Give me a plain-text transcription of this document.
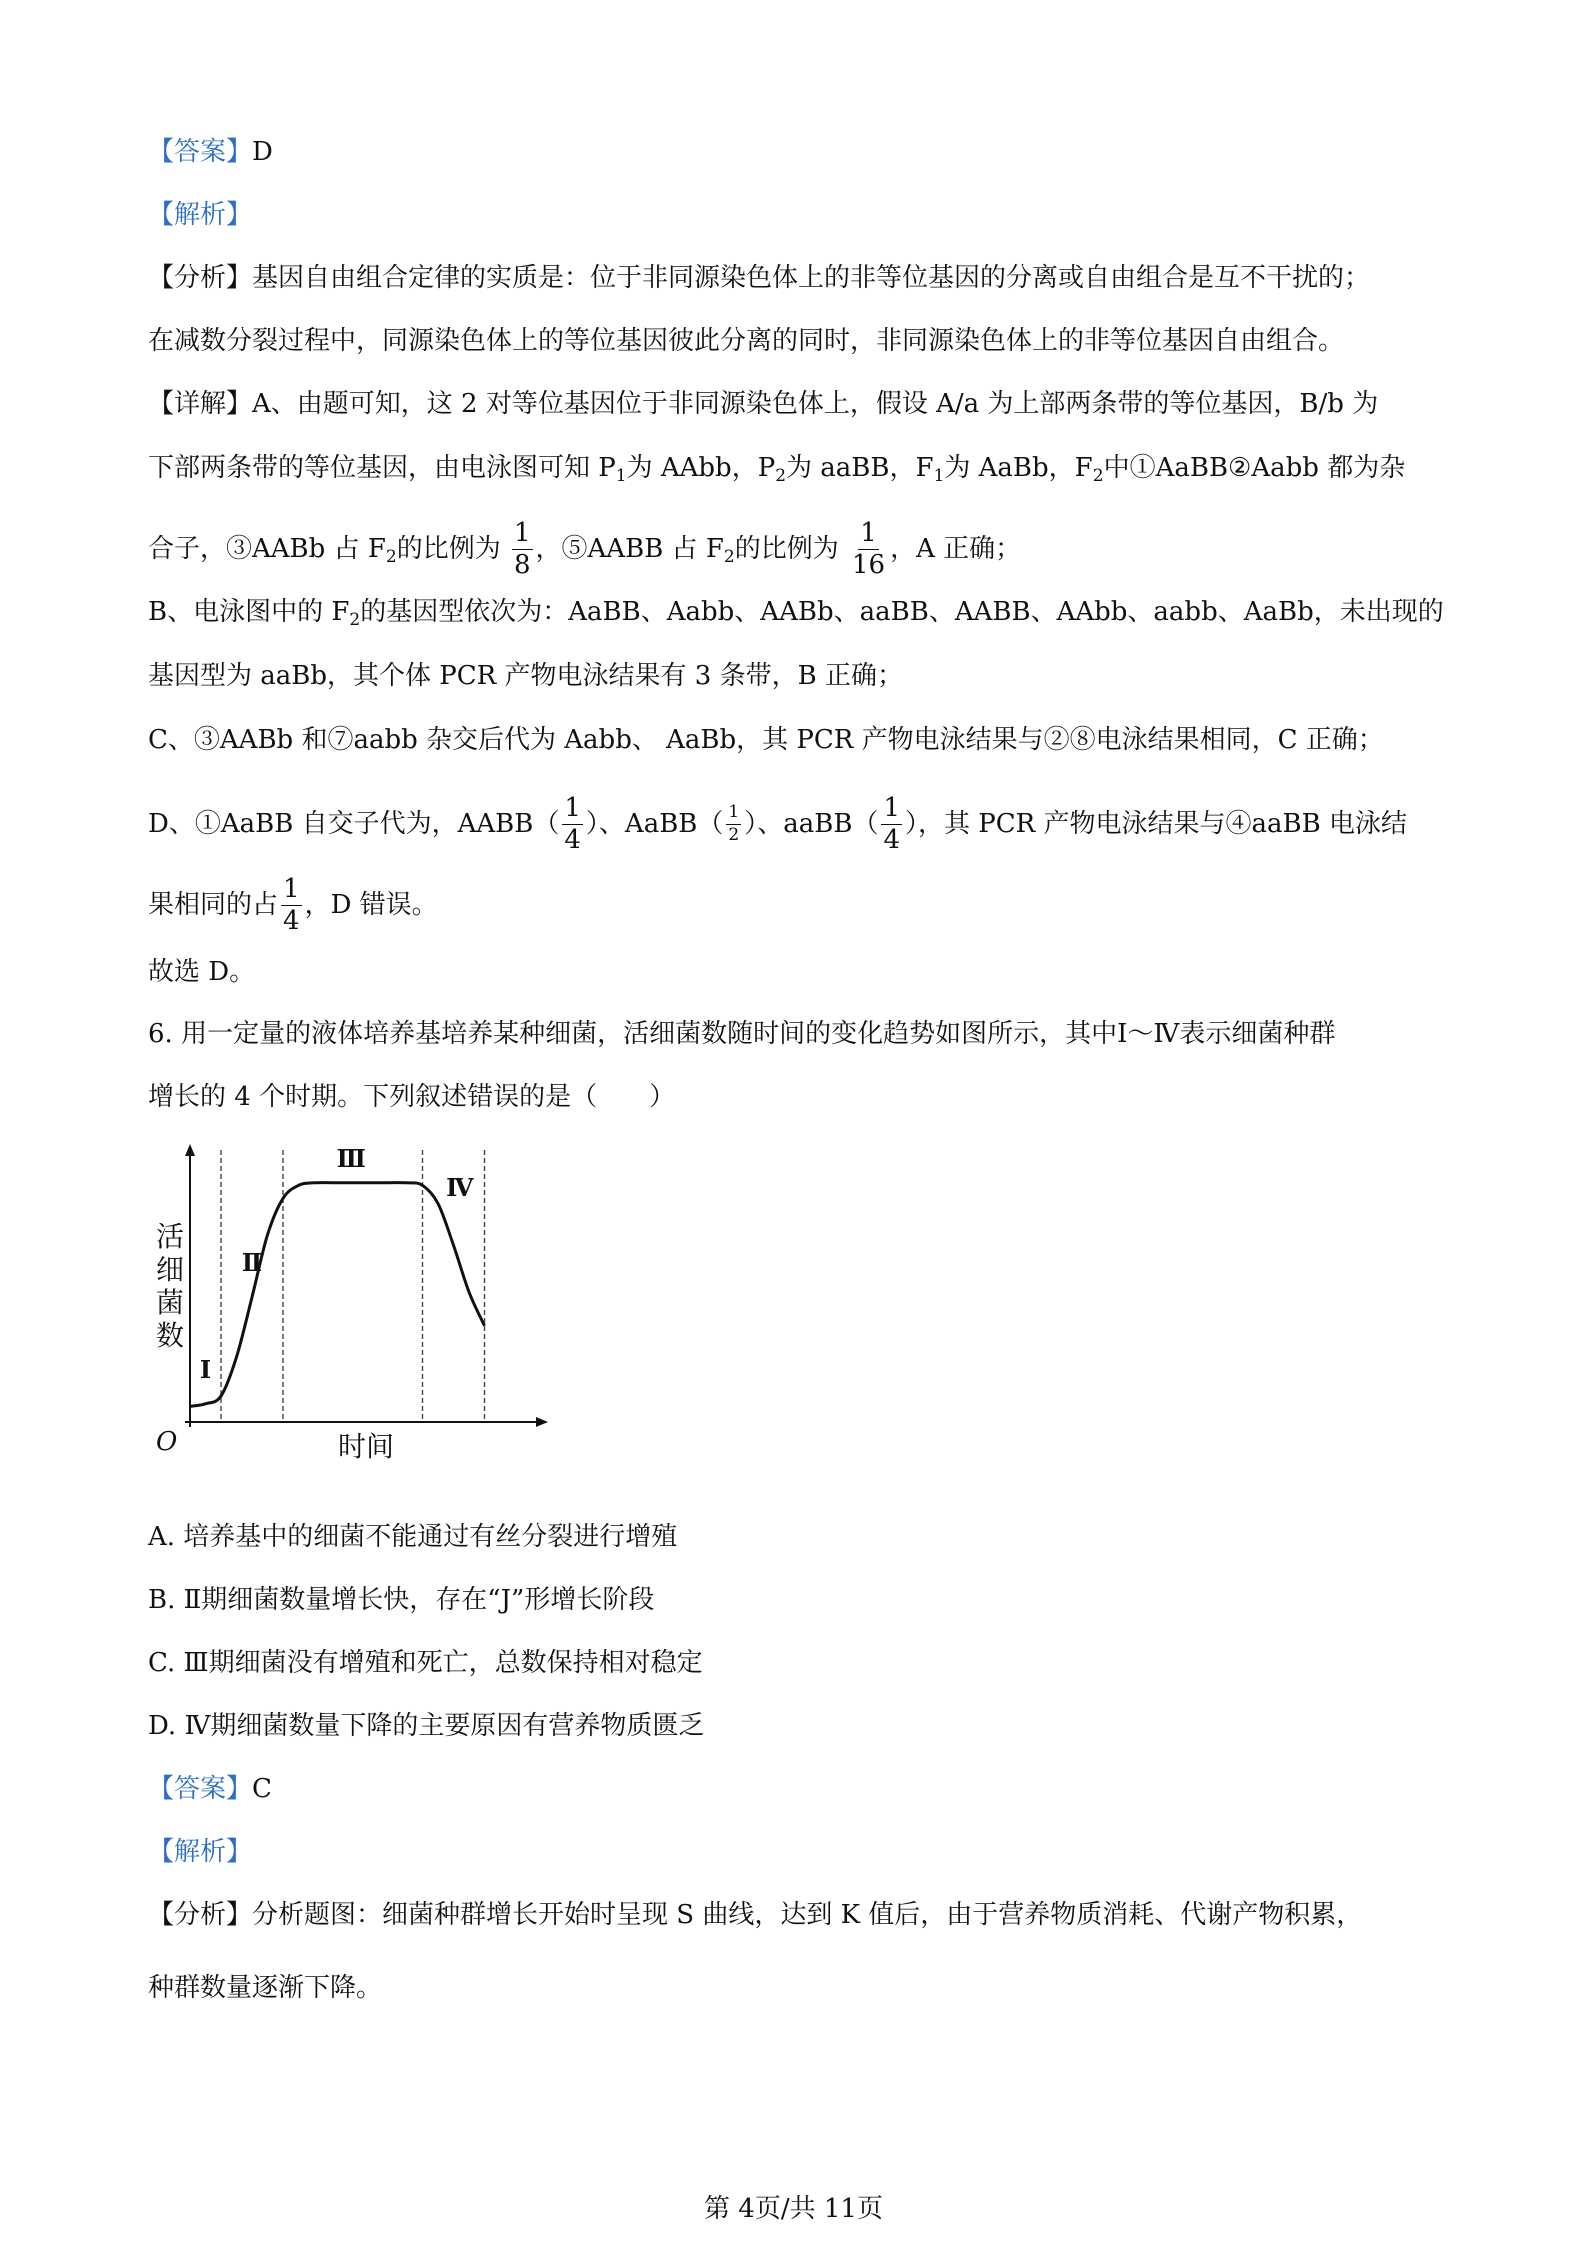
【答案】D
【解析】
【分析】基因自由组合定律的实质是：位于非同源染色体上的非等位基因的分离或自由组合是互不干扰的；
在减数分裂过程中，同源染色体上的等位基因彼此分离的同时，非同源染色体上的非等位基因自由组合。
【详解】A、由题可知，这 2 对等位基因位于非同源染色体上，假设 A/a 为上部两条带的等位基因，B/b 为
下部两条带的等位基因，由电泳图可知 $P_1$为 AAbb，$P_2$为 aaBB，$F_1$为 AaBb，$F_2$中①AaBB②Aabb 都为杂
合子，③AABb 占 $F_2$的比例为 $\frac{1}{8}$ ，⑤AABB 占 $F_2$的比例为 $\frac{1}{16}$ ，A 正确；
B、电泳图中的 $F_2$的基因型依次为：AaBB、Aabb、AABb、aaBB、AABB、AAbb、aabb、AaBb，未出现的
基因型为 aaBb，其个体 PCR 产物电泳结果有 3 条带，B 正确；
C、③AABb 和⑦aabb 杂交后代为 Aabb、 AaBb，其 PCR 产物电泳结果与②⑧电泳结果相同，C 正确；
D、①AaBB 自交子代为，AABB（ $\frac{1}{4}$ ）、AaBB（ $\frac{1}{2}$ ）、aaBB（ $\frac{1}{4}$ ），其 PCR 产物电泳结果与④aaBB 电泳结
果相同的占 $\frac{1}{4}$ ，D 错误。
故选 D。
6. 用一定量的液体培养基培养某种细菌，活细菌数随时间的变化趋势如图所示，其中Ⅰ～Ⅳ表示细菌种群
增长的 4 个时期。下列叙述错误的是（　　）
Ⅰ
Ⅱ
Ⅲ
Ⅳ
O	时间
活
细
菌
数
A. 培养基中的细菌不能通过有丝分裂进行增殖
B. Ⅱ期细菌数量增长快，存在“J”形增长阶段
C. Ⅲ期细菌没有增殖和死亡，总数保持相对稳定
D. Ⅳ期细菌数量下降的主要原因有营养物质匮乏
【答案】C
【解析】
【分析】分析题图：细菌种群增长开始时呈现 S 曲线，达到 K 值后，由于营养物质消耗、代谢产物积累，
种群数量逐渐下降。
第 4页/共 11页
